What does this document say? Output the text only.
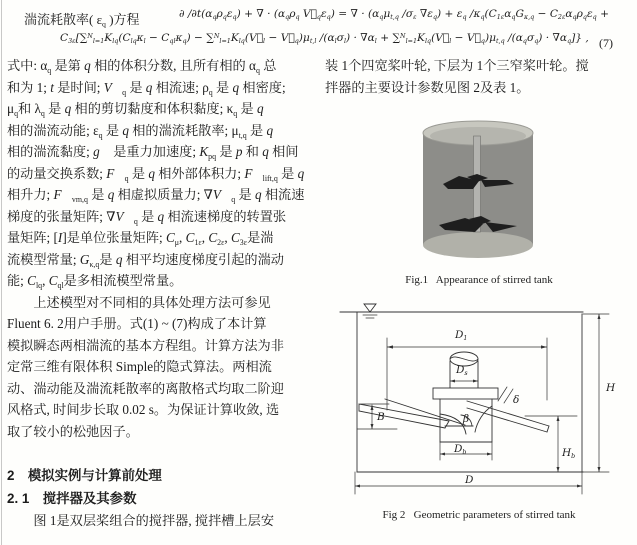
湍流耗散率( $\varepsilon_q$ )方程	∂ $/\partial t(\alpha_q\rho_q\varepsilon_q)$ + ∇ · ($\alpha_q\rho_q$ $V⃗_q\varepsilon_q$) = ∇ · ($\alpha_q\mu_{t,q}$ $/\sigma_\varepsilon$ $\nabla\varepsilon_q) + \varepsilon_q$ $/\kappa_q(C_{1\varepsilon}\alpha_qG_{\kappa,q} - C_{2\varepsilon}\alpha_q\rho_q\varepsilon_q$ +
$C_{3\varepsilon}[\sum^N_{l=1}K_{lq}(C_{lq}\kappa_l - C_{ql}\kappa_q)$ − $\sum^N_{l=1}K_{lq}(V⃗_l$ − $V⃗_q)\mu_{t,l}$ $/(\alpha_l\sigma_l) \cdot \nabla\alpha_l$ + $\sum^N_{l=1}K_{lq}(V⃗_l$ − $V⃗_q)\mu_{t,q}$ $/(\alpha_q\sigma_q) \cdot \nabla\alpha_q$]} , (7)
式中: $\alpha_q$ 是第 q 相的体积分数, 且所有相的 $\alpha_q$ 总
和为 1; t 是时间; $V⃗_q$ 是 q 相流速; $\rho_q$ 是 q 相密度;
$\mu_q$和 $\lambda_q$ 是 q 相的剪切黏度和体积黏度; $\kappa_q$ 是 q
相的湍流动能; $\varepsilon_q$ 是 q 相的湍流耗散率; $\mu_{t,q}$ 是 q
相的湍流黏度; g⃗ 是重力加速度; $K_{pq}$ 是 p 和 q 相间
的动量交换系数; $F⃗_q$ 是 q 相外部体积力; $F⃗_{lift,q}$ 是 q
相升力; $F⃗_{vm,q}$ 是 q 相虚拟质量力; $\nabla V⃗_q$ 是 q 相流速
梯度的张量矩阵; $\nabla V⃗_q$ 是 q 相流速梯度的转置张
量矩阵; [I]是单位张量矩阵; $C_\mu$, $C_{1\varepsilon}$, $C_{2\varepsilon}$, $C_{3\varepsilon}$是湍
流模型常量; $G_{\kappa,q}$是 q 相平均速度梯度引起的湍动
能; $C_{lq}$, $C_{ql}$是多相流模型常量。
　　上述模型对不同相的具体处理方法可参见
Fluent 6. 2用户手册。式(1) ~ (7)构成了本计算
模拟瞬态两相湍流的基本方程组。计算方法为非
定常三维有限体积 Simple的隐式算法。两相流
动、湍动能及湍流耗散率的离散格式均取二阶迎
风格式, 时间步长取 0.02 s。为保证计算收敛, 选
取了较小的松弛因子。
2　模拟实例与计算前处理
2. 1　搅拌器及其参数
　　图 1是双层桨组合的搅拌器, 搅拌槽上层安
装 1个四宽桨叶轮, 下层为 1个三窄桨叶轮。搅
拌器的主要设计参数见图 2及表 1。
Fig.1   Appearance of stirred tank
$D_1$
$D_s$
B	β
δ
$D_b$	$H_b$
H
D
Fig 2   Geometric parameters of stirred tank
